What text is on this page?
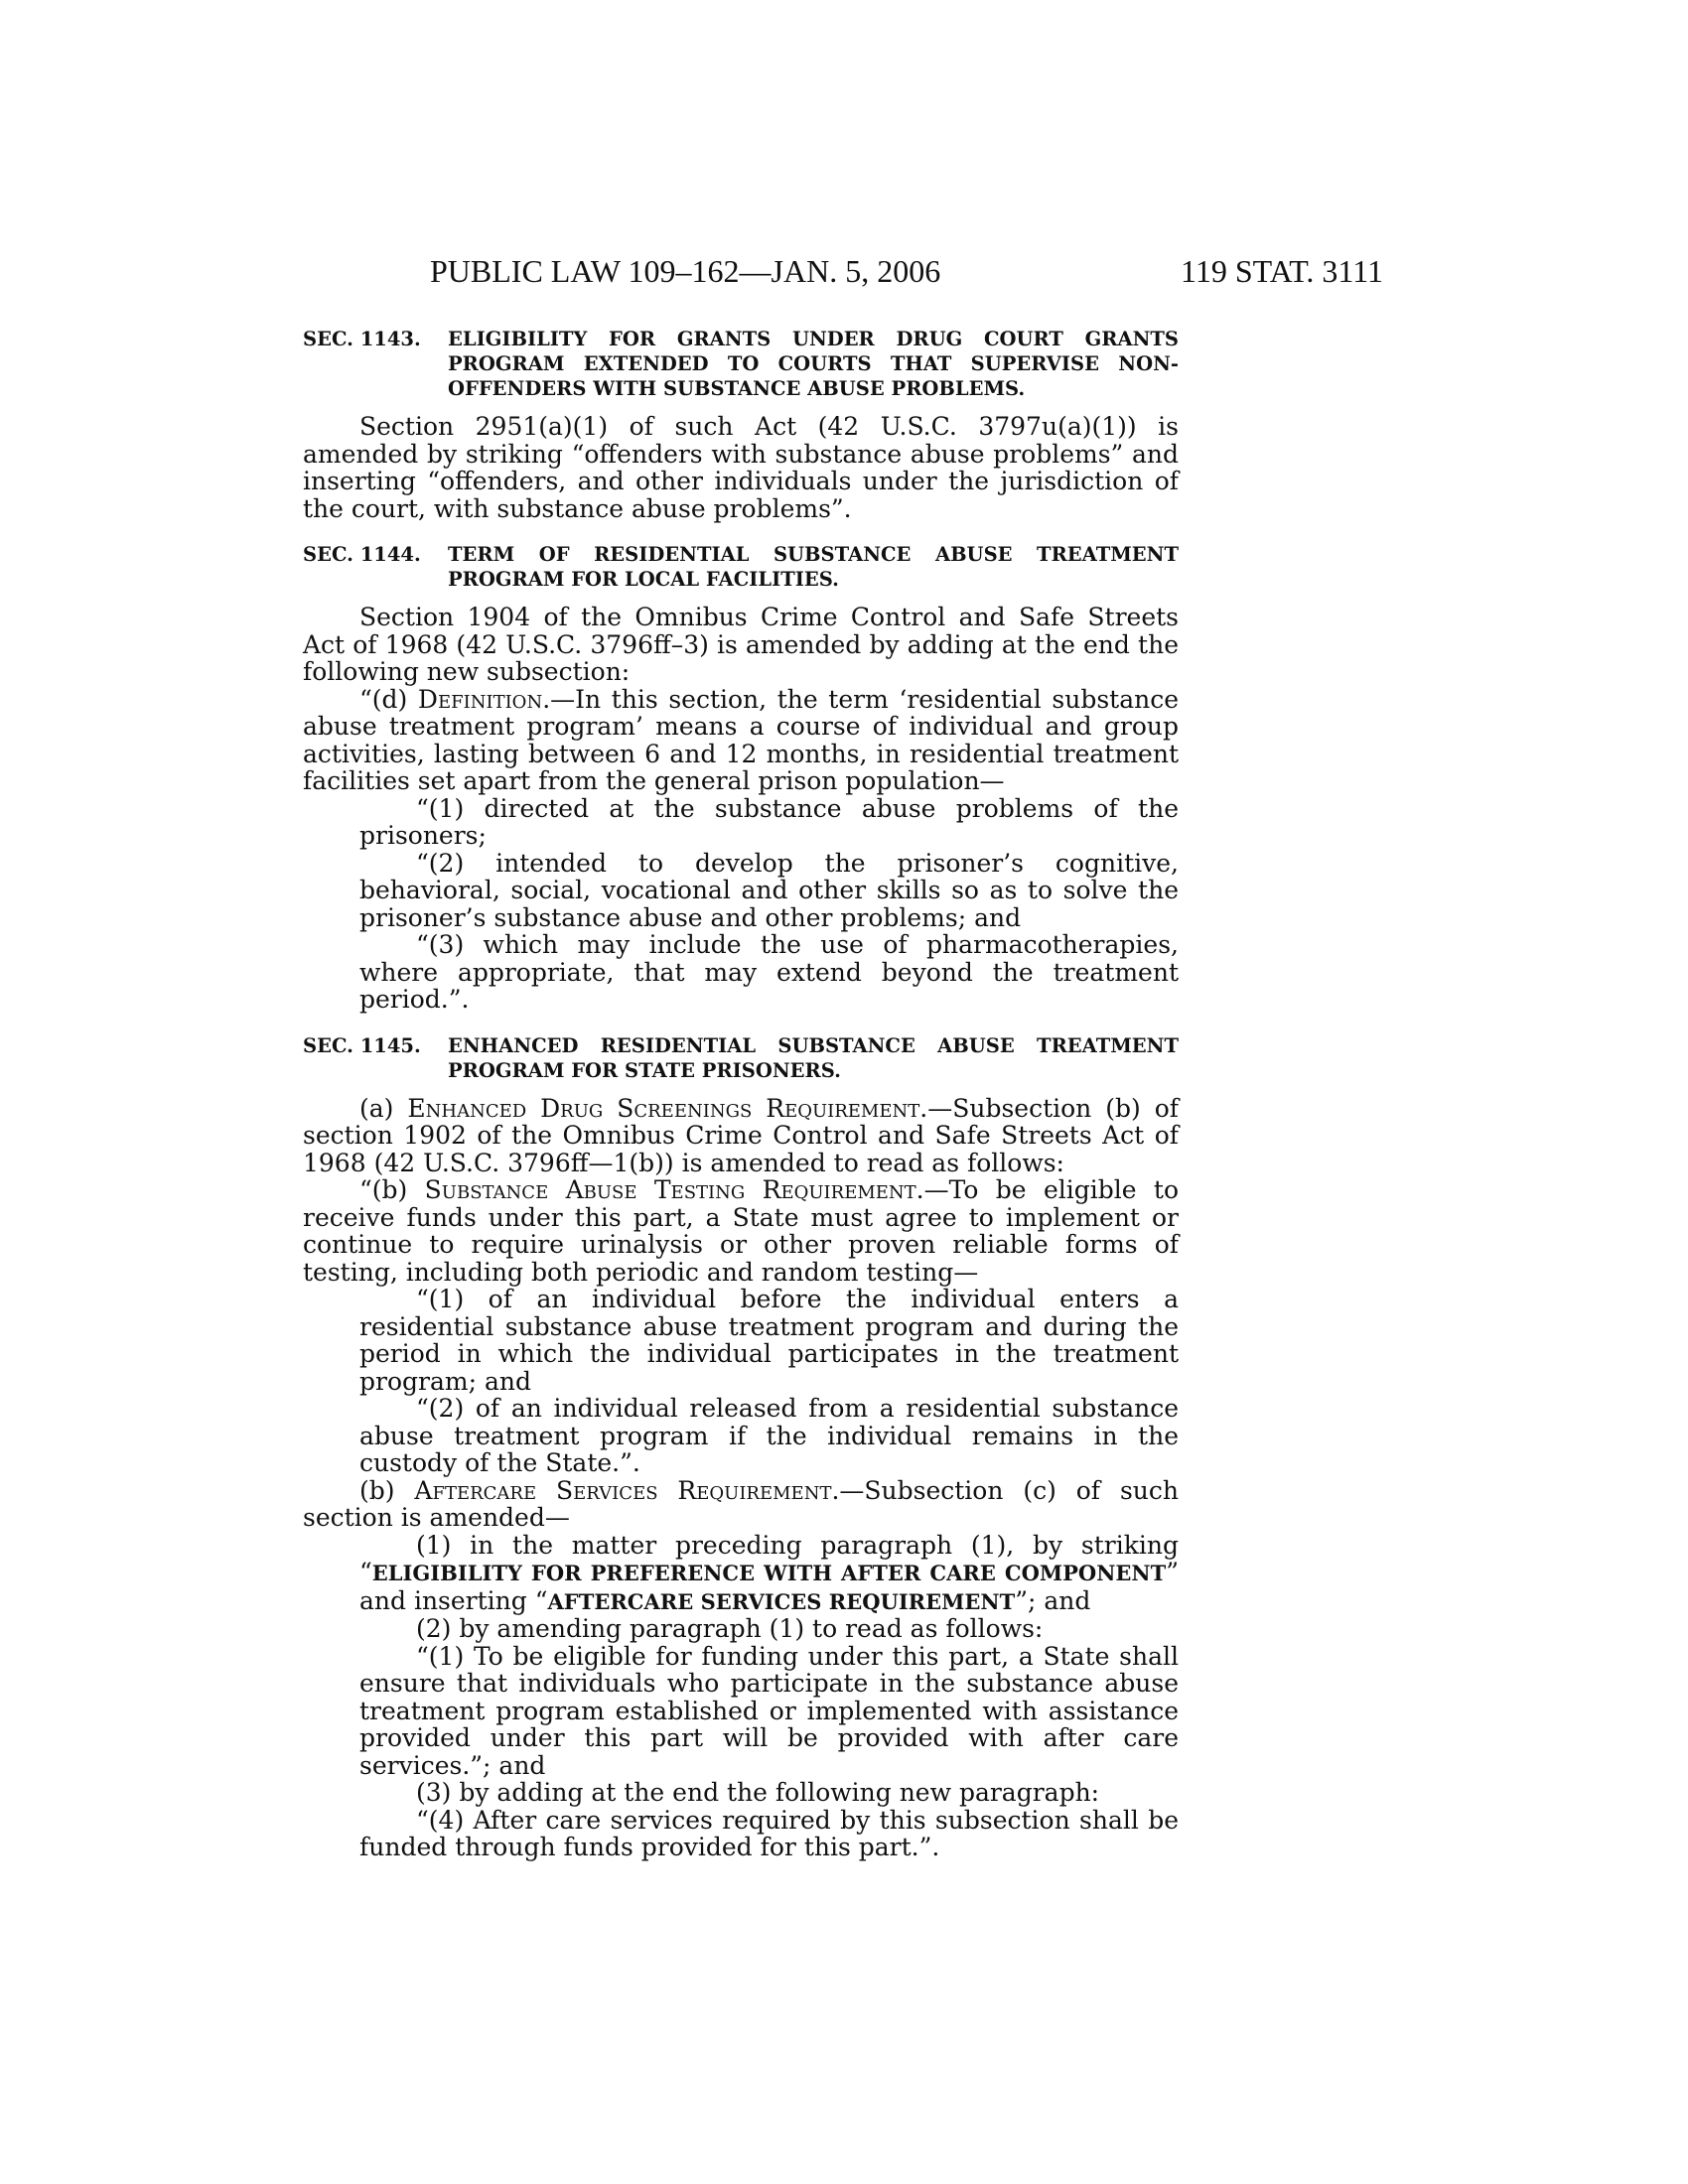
PUBLIC LAW 109–162—JAN. 5, 2006	119 STAT. 3111
SEC. 1143.	ELIGIBILITY FOR GRANTS UNDER DRUG COURT GRANTS PROGRAM EXTENDED TO COURTS THAT SUPERVISE NON-OFFENDERS WITH SUBSTANCE ABUSE PROBLEMS.

Section 2951(a)(1) of such Act (42 U.S.C. 3797u(a)(1)) is amended by striking “offenders with substance abuse problems” and inserting “offenders, and other individuals under the jurisdiction of the court, with substance abuse problems”.

SEC. 1144.	TERM OF RESIDENTIAL SUBSTANCE ABUSE TREATMENT PROGRAM FOR LOCAL FACILITIES.

Section 1904 of the Omnibus Crime Control and Safe Streets Act of 1968 (42 U.S.C. 3796ff–3) is amended by adding at the end the following new subsection:

“(d) Definition.—In this section, the term ‘residential substance abuse treatment program’ means a course of individual and group activities, lasting between 6 and 12 months, in residential treatment facilities set apart from the general prison population—

“(1) directed at the substance abuse problems of the prisoners;

“(2) intended to develop the prisoner’s cognitive, behavioral, social, vocational and other skills so as to solve the prisoner’s substance abuse and other problems; and

“(3) which may include the use of pharmacotherapies, where appropriate, that may extend beyond the treatment period.”.

SEC. 1145.	ENHANCED RESIDENTIAL SUBSTANCE ABUSE TREATMENT PROGRAM FOR STATE PRISONERS.

(a) Enhanced Drug Screenings Requirement.—Subsection (b) of section 1902 of the Omnibus Crime Control and Safe Streets Act of 1968 (42 U.S.C. 3796ff—1(b)) is amended to read as follows:

“(b) Substance Abuse Testing Requirement.—To be eligible to receive funds under this part, a State must agree to implement or continue to require urinalysis or other proven reliable forms of testing, including both periodic and random testing—

“(1) of an individual before the individual enters a residential substance abuse treatment program and during the period in which the individual participates in the treatment program; and

“(2) of an individual released from a residential substance abuse treatment program if the individual remains in the custody of the State.”.

(b) Aftercare Services Requirement.—Subsection (c) of such section is amended—

(1) in the matter preceding paragraph (1), by striking “ELIGIBILITY FOR PREFERENCE WITH AFTER CARE COMPONENT” and inserting “AFTERCARE SERVICES REQUIREMENT”; and

(2) by amending paragraph (1) to read as follows:

“(1) To be eligible for funding under this part, a State shall ensure that individuals who participate in the substance abuse treatment program established or implemented with assistance provided under this part will be provided with after care services.”; and

(3) by adding at the end the following new paragraph:

“(4) After care services required by this subsection shall be funded through funds provided for this part.”.
